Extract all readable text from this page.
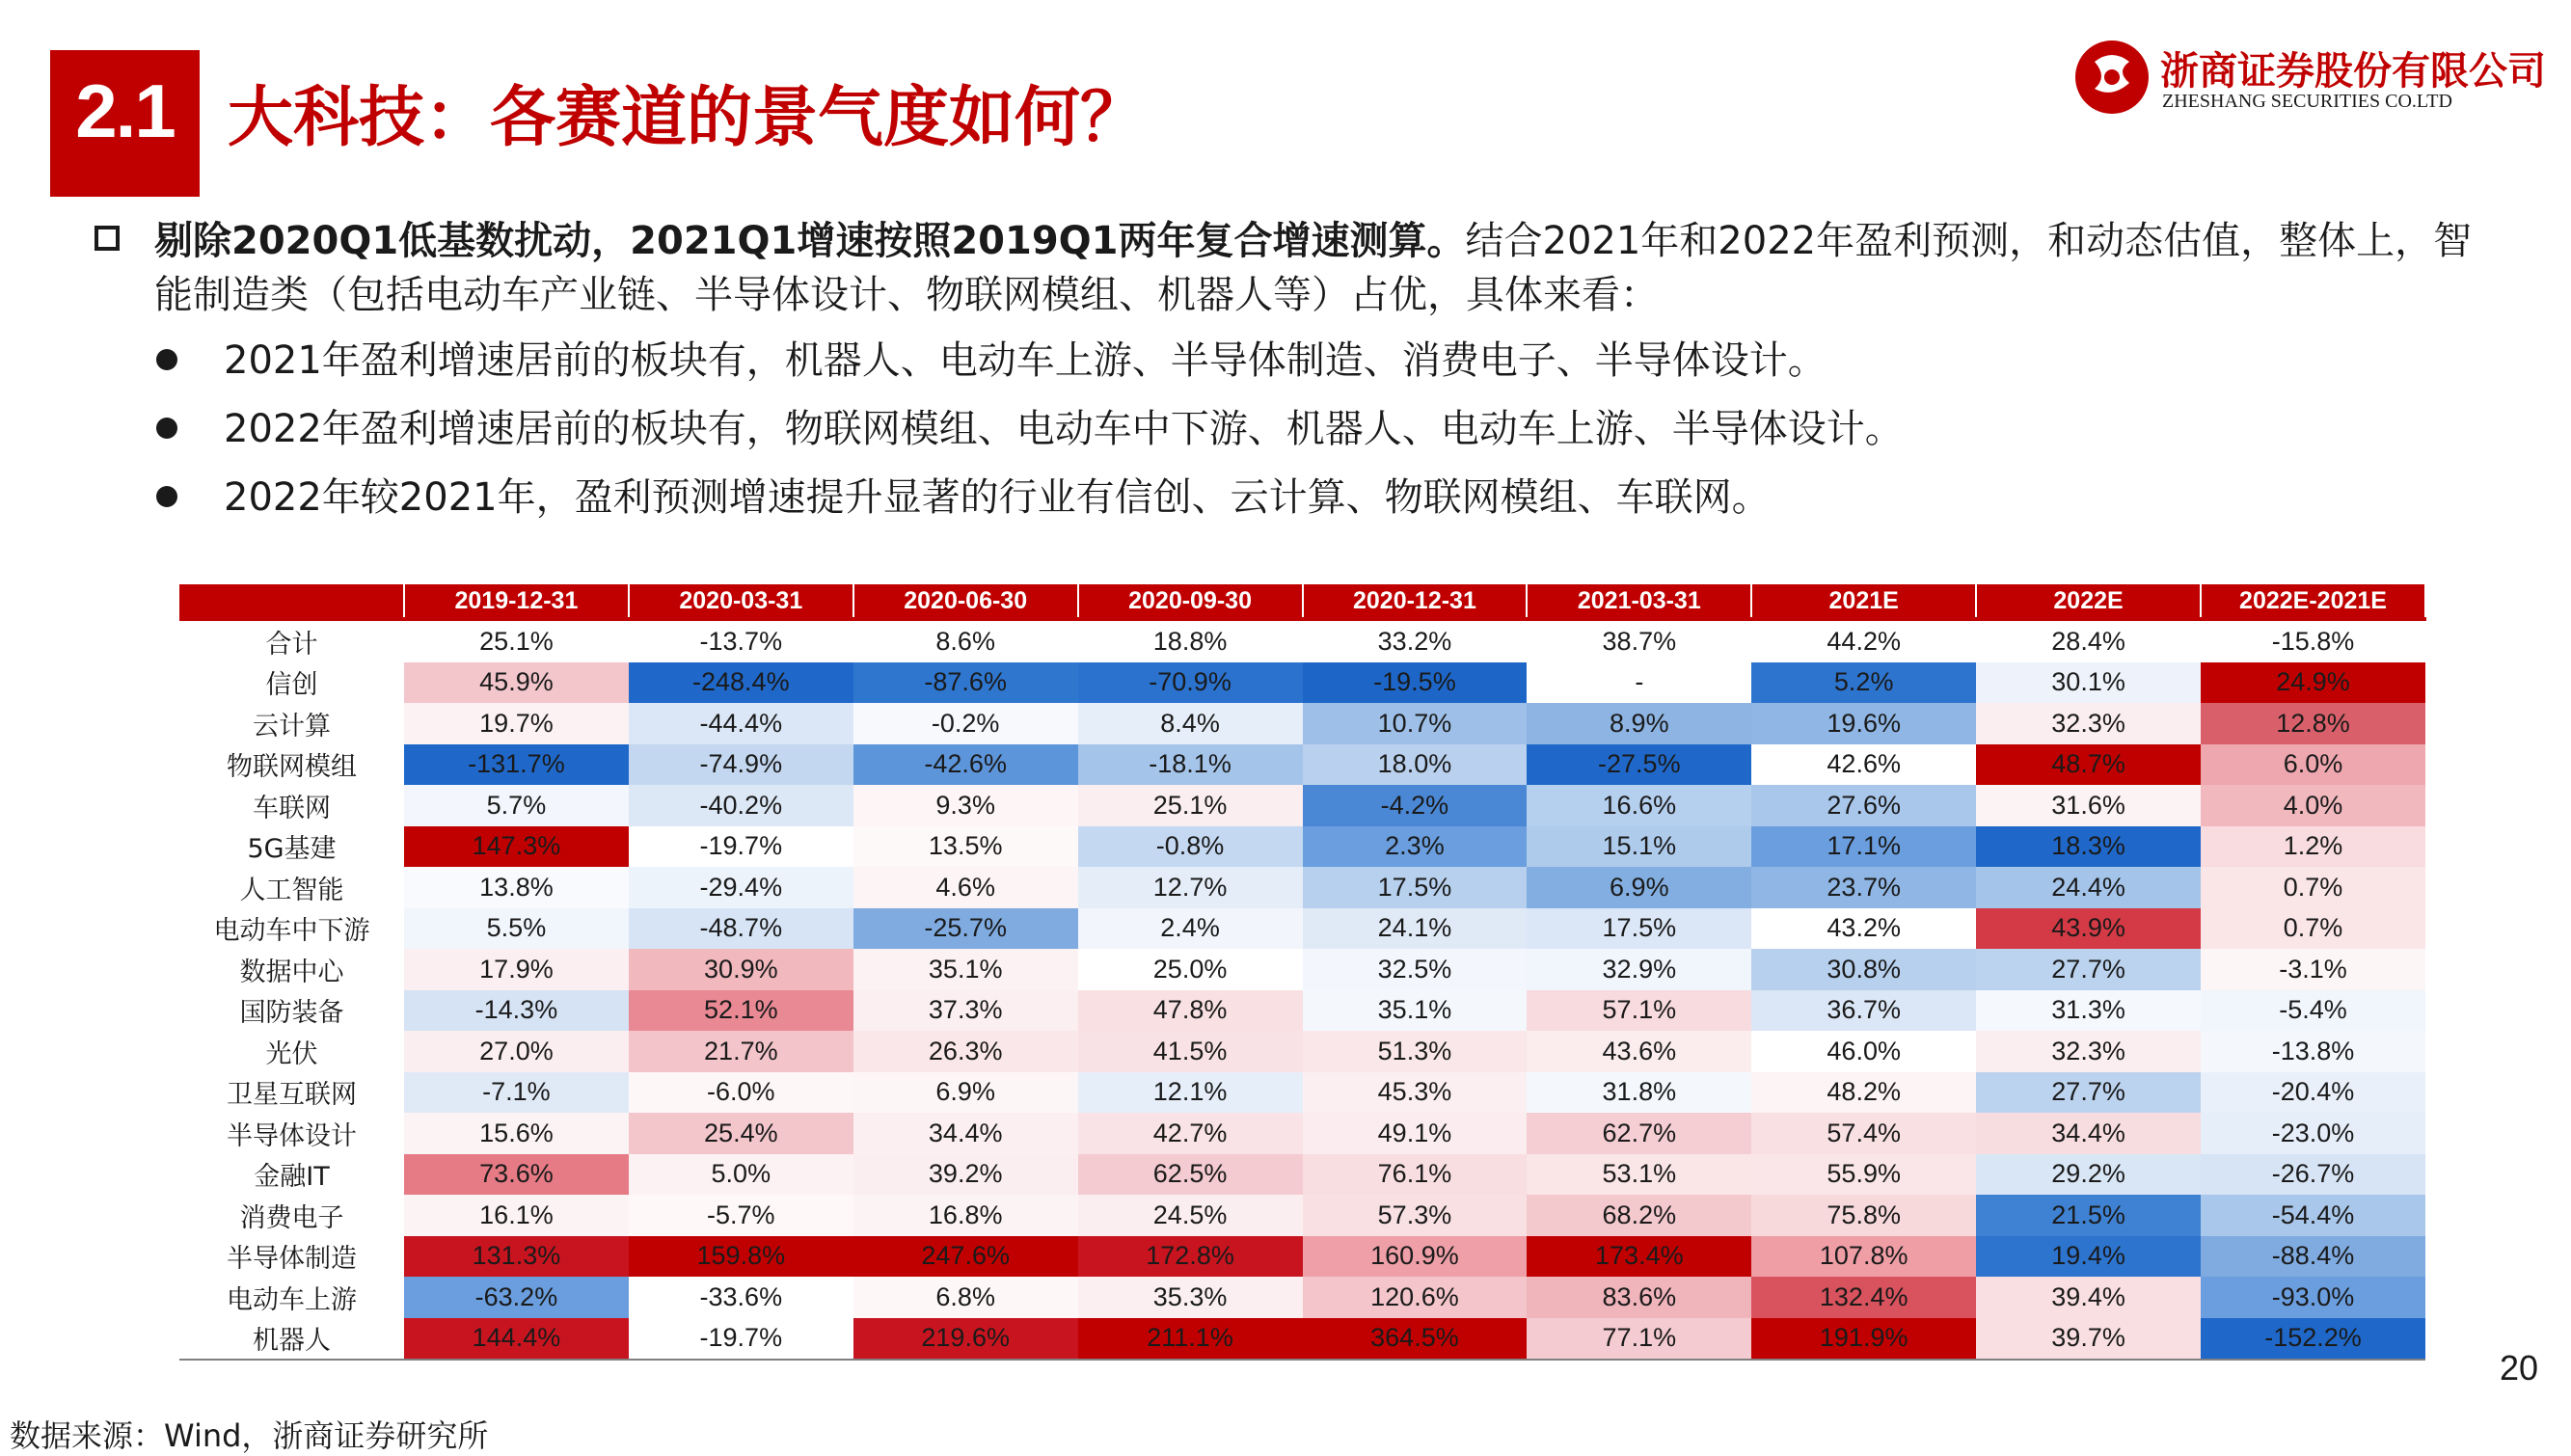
2.1 大科技：各赛道的景气度如何？
浙商证券股份有限公司
ZHESHANG SECURITIES CO.LTD
剔除2020Q1低基数扰动，2021Q1增速按照2019Q1两年复合增速测算。结合2021年和2022年盈利预测，和动态估值，整体上，智能制造类（包括电动车产业链、半导体设计、物联网模组、机器人等）占优，具体来看：
2021年盈利增速居前的板块有，机器人、电动车上游、半导体制造、消费电子、半导体设计。
2022年盈利增速居前的板块有，物联网模组、电动车中下游、机器人、电动车上游、半导体设计。
2022年较2021年，盈利预测增速提升显著的行业有信创、云计算、物联网模组、车联网。
	2019-12-31	2020-03-31	2020-06-30	2020-09-30	2020-12-31	2021-03-31	2021E	2022E	2022E-2021E
合计	25.1%	-13.7%	8.6%	18.8%	33.2%	38.7%	44.2%	28.4%	-15.8%
信创	45.9%	-248.4%	-87.6%	-70.9%	-19.5%	-	5.2%	30.1%	24.9%
云计算	19.7%	-44.4%	-0.2%	8.4%	10.7%	8.9%	19.6%	32.3%	12.8%
物联网模组	-131.7%	-74.9%	-42.6%	-18.1%	18.0%	-27.5%	42.6%	48.7%	6.0%
车联网	5.7%	-40.2%	9.3%	25.1%	-4.2%	16.6%	27.6%	31.6%	4.0%
5G基建	147.3%	-19.7%	13.5%	-0.8%	2.3%	15.1%	17.1%	18.3%	1.2%
人工智能	13.8%	-29.4%	4.6%	12.7%	17.5%	6.9%	23.7%	24.4%	0.7%
电动车中下游	5.5%	-48.7%	-25.7%	2.4%	24.1%	17.5%	43.2%	43.9%	0.7%
数据中心	17.9%	30.9%	35.1%	25.0%	32.5%	32.9%	30.8%	27.7%	-3.1%
国防装备	-14.3%	52.1%	37.3%	47.8%	35.1%	57.1%	36.7%	31.3%	-5.4%
光伏	27.0%	21.7%	26.3%	41.5%	51.3%	43.6%	46.0%	32.3%	-13.8%
卫星互联网	-7.1%	-6.0%	6.9%	12.1%	45.3%	31.8%	48.2%	27.7%	-20.4%
半导体设计	15.6%	25.4%	34.4%	42.7%	49.1%	62.7%	57.4%	34.4%	-23.0%
金融IT	73.6%	5.0%	39.2%	62.5%	76.1%	53.1%	55.9%	29.2%	-26.7%
消费电子	16.1%	-5.7%	16.8%	24.5%	57.3%	68.2%	75.8%	21.5%	-54.4%
半导体制造	131.3%	159.8%	247.6%	172.8%	160.9%	173.4%	107.8%	19.4%	-88.4%
电动车上游	-63.2%	-33.6%	6.8%	35.3%	120.6%	83.6%	132.4%	39.4%	-93.0%
机器人	144.4%	-19.7%	219.6%	211.1%	364.5%	77.1%	191.9%	39.7%	-152.2%
20
数据来源：Wind，浙商证券研究所
